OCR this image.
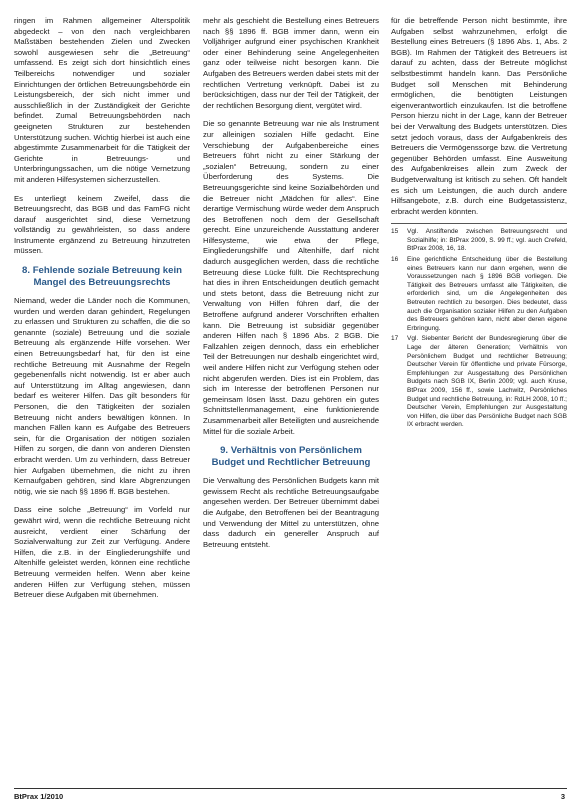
ringen im Rahmen allgemeiner Alterspolitik abgedeckt – von den nach vergleichbaren Maßstäben bestehenden Zielen und Zwecken sowohl ausgewiesen sehr die „Betreuung“ umfassend. Es zeigt sich dort hinsichtlich eines Teilbereichs notwendiger und sozialer Einrichtungen der örtlichen Betreuungsbehörde ein Leistungsbereich, der sich nicht immer und ausschließlich in der Zuständigkeit der Gerichte befindet. Zumal Betreuungsbehörden nach geeigneten Strukturen zur bestehenden Unterstützung suchen. Wichtig hierbei ist auch eine abgestimmte Zusammenarbeit für die Tätigkeit der Gerichte in Betreuungs- und Unterbringungssachen, um die nötige Vernetzung mit anderen Hilfesystemen sicherzustellen.

Es unterliegt keinem Zweifel, dass die Betreuungsrecht, das BGB und das FamFG nicht darauf ausgerichtet sind, diese Vernetzung vollständig zu gewährleisten, so dass andere Instrumente ergänzend zu Betreuung hinzutreten müssen.

8. Fehlende soziale Betreuung kein Mangel des Betreuungsrechts

Niemand, weder die Länder noch die Kommunen, wurden und werden daran gehindert, Regelungen zu erlassen und Strukturen zu schaffen, die die so genannte (soziale) Betreuung und die soziale Betreuung als ergänzende Hilfe vorsehen. Wer einen Betreuungsbedarf hat, für den ist eine rechtliche Betreuung mit Ausnahme der Regeln gegebenenfalls nicht notwendig. Ist er aber auch auf Unterstützung im Alltag angewiesen, dann bedarf es weiterer Hilfen. Das gilt besonders für Personen, die den Tätigkeiten der sozialen Betreuung nicht anders bewältigen können. In manchen Fällen kann es Aufgabe des Betreuers sein, für die Organisation der nötigen sozialen Hilfen zu sorgen, die dann von anderen Diensten erbracht werden. Um zu verhindern, dass Betreuer hier Aufgaben übernehmen, die nicht zu ihren Kernaufgaben gehören, sind klare Abgrenzungen nötig, wie sie nach §§ 1896 ff. BGB bestehen.

Dass eine solche „Betreuung“ im Vorfeld nur gewährt wird, wenn die rechtliche Betreuung nicht ausreicht, verdient einer Schärfung der Sozialverwaltung zur Zeit zur Verfügung. Andere Hilfen, die z.B. in der Eingliederungshilfe und Altenhilfe geleistet werden, können eine rechtliche Betreuung vermeiden helfen. Wenn aber keine anderen Hilfen zur Verfügung stehen, müssen Betreuer diese Aufgaben mit übernehmen.

mehr als geschieht die Bestellung eines Betreuers nach §§ 1896 ff. BGB immer dann, wenn ein Volljähriger aufgrund einer psychischen Krankheit oder einer Behinderung seine Angelegenheiten ganz oder teilweise nicht besorgen kann. Die Aufgaben des Betreuers werden dabei stets mit der rechtlichen Vertretung verknüpft. Dabei ist zu berücksichtigen, dass nur der Teil der Tätigkeit, der der rechtlichen Besorgung dient, vergütet wird.

Die so genannte Betreuung war nie als Instrument zur alleinigen sozialen Hilfe gedacht. Eine Verschiebung der Aufgabenbereiche eines Betreuers führt nicht zu einer Stärkung der „sozialen“ Betreuung, sondern zu einer Überforderung des Systems. Die Betreuungsgerichte sind keine Sozialbehörden und die Betreuer nicht „Mädchen für alles“. Eine derartige Vermischung würde weder dem Anspruch des Betroffenen noch dem der Gesellschaft gerecht. Eine unzureichende Ausstattung anderer Hilfesysteme, wie etwa der Pflege, Eingliederungshilfe und Altenhilfe, darf nicht dadurch ausgeglichen werden, dass die rechtliche Betreuung diese Lücke füllt. Die Rechtsprechung hat dies in ihren Entscheidungen deutlich gemacht und stets betont, dass die Betreuung nicht zur Verwaltung von Hilfen führen darf, die der Betroffene aufgrund anderer Vorschriften erhalten kann. Die Betreuung ist subsidiär gegenüber anderen Hilfen nach § 1896 Abs. 2 BGB. Die Fallzahlen zeigen dennoch, dass ein erheblicher Teil der Betreuungen nur deshalb eingerichtet wird, weil andere Hilfen nicht zur Verfügung stehen oder nicht abgerufen werden. Dies ist ein Problem, das sich im Interesse der betroffenen Personen nur gemeinsam lösen lässt. Dazu gehören ein gutes Schnittstellenmanagement, eine funktionierende Zusammenarbeit aller Beteiligten und ausreichende Mittel für die soziale Arbeit.

9. Verhältnis von Persönlichem Budget und Rechtlicher Betreuung

Die Verwaltung des Persönlichen Budgets kann mit gewissem Recht als rechtliche Betreuungsaufgabe angesehen werden. Der Betreuer übernimmt dabei die Aufgabe, den Betroffenen bei der Beantragung und Verwendung der Mittel zu unterstützen, ohne dass dadurch ein genereller Anspruch auf Betreuung entsteht.

für die betreffende Person nicht bestimmte, ihre Aufgaben selbst wahrzunehmen, erfolgt die Bestellung eines Betreuers (§ 1896 Abs. 1, Abs. 2 BGB). Im Rahmen der Tätigkeit des Betreuers ist darauf zu achten, dass der Betreute möglichst selbstbestimmt handeln kann. Das Persönliche Budget soll Menschen mit Behinderung ermöglichen, die benötigten Leistungen eigenverantwortlich einzukaufen. Ist die betroffene Person hierzu nicht in der Lage, kann der Betreuer bei der Verwaltung des Budgets unterstützen. Dies setzt jedoch voraus, dass der Aufgabenkreis des Betreuers die Vermögenssorge bzw. die Vertretung gegenüber Behörden umfasst. Eine Ausweitung des Aufgabenkreises allein zum Zweck der Budgetverwaltung ist kritisch zu sehen. Oft handelt es sich um Leistungen, die auch durch andere Hilfsangebote, z.B. durch eine Budgetassistenz, erbracht werden könnten.

15	Vgl. Anstiftende zwischen Betreuungsrecht und Sozialhilfe; in: BtPrax 2009, S. 99 ff.; vgl. auch Crefeld, BtPrax 2008, 16, 18.
16	Eine gerichtliche Entscheidung über die Bestellung eines Betreuers kann nur dann ergehen, wenn die Voraussetzungen nach § 1896 BGB vorliegen. Die Tätigkeit des Betreuers umfasst alle Tätigkeiten, die erforderlich sind, um die Angelegenheiten des Betreuten rechtlich zu besorgen. Dies bedeutet, dass auch die Organisation sozialer Hilfen zu den Aufgaben des Betreuers gehören kann, nicht aber deren eigene Erbringung.
17	Vgl. Siebenter Bericht der Bundesregierung über die Lage der älteren Generation; Verhältnis von Persönlichem Budget und rechtlicher Betreuung; Deutscher Verein für öffentliche und private Fürsorge, Empfehlungen zur Ausgestaltung des Persönlichen Budgets nach SGB IX, Berlin 2009; vgl. auch Kruse, BtPrax 2009, 156 ff., sowie Lachwitz, Persönliches Budget und rechtliche Betreuung, in: RdLH 2008, 10 ff.; Deutscher Verein, Empfehlungen zur Ausgestaltung von Hilfen, die über das Persönliche Budget nach SGB IX erbracht werden.
BtPrax 1/2010	3
